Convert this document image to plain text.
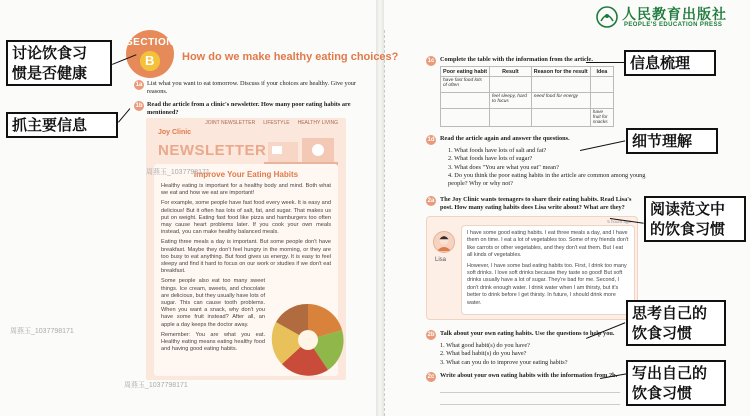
人民教育出版社
PEOPLE'S EDUCATION PRESS
SECTION
B	How do we make healthy eating choices?
1a List what you want to eat tomorrow. Discuss if your choices are healthy. Give your reasons.
1b Read the article from a clinic's newsletter. How many poor eating habits are mentioned?
JOINT NEWSLETTER LIFESTYLE HEALTHY LIVING
Joy Clinic
NEWSLETTER
Improve Your Eating Habits
Healthy eating is important for a healthy body and mind. Both what we eat and how we eat are important!
For example, some people have fast food every week. It is easy and delicious! But it often has lots of salt, fat, and sugar. That makes us put on weight. Eating fast food like pizza and hamburgers too often may cause heart problems later. If you cook your own meals instead, you can make healthy balanced meals.
Eating three meals a day is important. But some people don't have breakfast. Maybe they don't feel hungry in the morning, or they are too busy to eat anything. But food gives us energy. It is easy to feel sleepy and find it hard to focus on our work or studies if we don't eat breakfast.
Some people also eat too many sweet things. Ice cream, sweets, and chocolate are delicious, but they usually have lots of sugar. This can cause tooth problems. When you want a snack, why don't you have some fruit instead? After all, an apple a day keeps the doctor away.
Remember: You are what you eat. Healthy eating means eating healthy food and having good eating habits.
1c Complete the table with the information from the article.
Poor eating habit	Result	Reason for the result	Idea
have fast food lots of often			
	feel sleepy, hard to focus	need food for energy	
			have fruit for snacks
1d Read the article again and answer the questions.
1. What foods have lots of salt and fat?
2. What foods have lots of sugar?
3. What does "You are what you eat" mean?
4. Do you think the poor eating habits in the article are common among young
people? Why or why not?
2a The Joy Clinic wants teenagers to share their eating habits. Read Lisa's post. How many eating habits does Lisa write about? What are they?
5 hours ago
Lisa

I have some good eating habits. I eat three meals a day, and I have them on time. I eat a lot of vegetables too. Some of my friends don't like carrots or other vegetables, and they don't eat them. But I eat all kinds of vegetables.

However, I have some bad eating habits too. First, I drink too many soft drinks. I love soft drinks because they taste so good! But soft drinks usually have a lot of sugar. They're bad for me. Second, I don't drink enough water. I drink water when I am thirsty, but it's better to drink before I get thirsty. In future, I should drink more water.

2b Talk about your own eating habits. Use the questions to help you.
1. What good habit(s) do you have?
2. What bad habit(s) do you have?
3. What can you do to improve your eating habits?
2c Write about your own eating habits with the information from 2b.
周燕玉_1037798171
周燕玉_1037798171
周燕玉_1037798171
讨论饮食习
惯是否健康
抓主要信息
信息梳理
细节理解
阅读范文中
的饮食习惯
思考自己的
饮食习惯
写出自己的
饮食习惯
